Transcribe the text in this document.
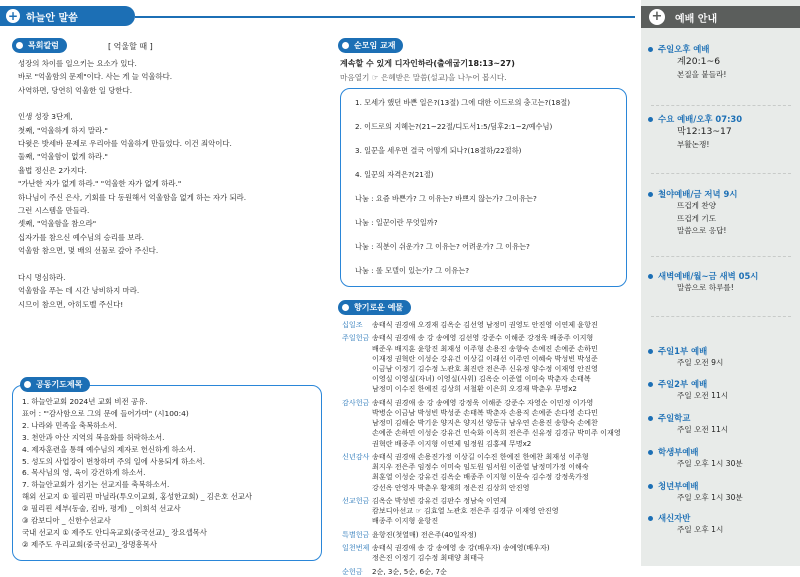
+ 하늘안 말씀
목회칼럼	[ 억울할 때 ]

성장의 차이를 일으키는 요소가 있다.

바로 "억울함의 문제"이다. 사는 게 늘 억울하다.

사역하면, 당연히 억울한 일 당한다.

인생 성장 3단계,

첫째, "억울하게 하지 말라."

다윗은 밧세바 문제로 우리아를 억울하게 만들었다. 이건 죄악이다.

둘째, "억울함이 없게 하라."

율법 정신은 2가지다.

"가난한 자가 없게 하라." "억울한 자가 없게 하라."

하나님이 주신 은사, 기회를 다 동원해서 억울함을 없게 하는 자가 되라.

그런 시스템을 만들라.

셋째, "억울함을 참으라"

십자가를 참으신 예수님의 승리를 보라.

억울함 참으면, 몇 배의 선물로 갚아 주신다.

다시 명심하라.

억울함을 푸는 데 시간 낭비하지 마라.

시므이 참으면, 아히도벨 주신다!

공동기도제목

1. 하늘안교회 2024년 교회 비전 공유.

표어 : "'감사함으로 그의 문에 들어가며" (시100:4)

2. 나라와 민족을 축복하소서.

3. 천안과 아산 지역의 복음화를 허락하소서.

4. 제자훈련을 통해 예수님의 제자로 헌신하게 하소서.

5. 성도의 사업장이 번창하며 주의 일에 사용되게 하소서.

6. 목사님의 영, 육이 강건하게 하소서.

7. 하늘안교회가 섬기는 선교지를 축복하소서.

해외 선교지 ① 필리핀 마닐라(투오이교회, 홍성한교회) _ 김은호 선교사

② 필리핀 세부(동술, 킴바, 평게) _ 이희석 선교사

③ 캄보디아 _ 신한수선교사

국내 선교지 ① 제주도 안디옥교회(중국선교)_ 장요셉목사

② 제주도 우리교회(중국선교)_장명흥목사

순모임 교재
계속할 수 있게 디자인하라(출애굽기18:13~27)
마음열기 ☞ 은혜받은 말씀(설교)을 나누어 봅시다.

1. 모세가 했던 바쁜 일은?(13절) 그에 대한 이드로의 충고는?(18절)

2. 이드로의 지혜는?(21~22절/디도서1:5/딤후2:1~2/예수님)

3. 일꾼을 세우면 결국 어떻게 되나?(18절하/22절하)

4. 일꾼의 자격은?(21절)

나눔 : 요즘 바쁜가? 그 이유는? 바쁘지 않는가? 그이유는?

나눔 : 일꾼이란 무엇일까?

나눔 : 직분이 쉬운가? 그 이유는? 어려운가? 그 이유는?

나눔 : 롤 모델이 있는가? 그 이유는?

향기로운 예물
십일조 송태식 권경애 오경재 김옥순 김선영 남정미 권영도 안진영 이연제 윤항진
주일헌금 송태식 권경애 송 강 송예영 김선영 강준수 이해준 강정욱 배종주 이지형
배준우 배지훈 윤항진 최재성 이주형 손용진 송향숙 손예진 손예준 손하민
이재정 권혁란 이성순 강유건 이상길 이래선 이주연 이혜숙 박성빈 박성준
이금남 이정기 김수정 노관호 최진란 전은주 신유정 양수정 이재영 안진영
이영실 이영실(자녀) 이영실(사위) 김옥순 이준열 이미숙 박춘자 손태복
남정미 이수진 한예진 김상희 서철환 이은희 오경재 박춘우 무명x2
감사헌금 송태식 권경애 송 강 송예영 강정욱 이해준 강준수 자영순 이민정 이가영
박병순 이금남 박성빈 박성준 손태복 박춘자 손용직 손예준 손다영 손다민
남정미 김해순 박기운 양지은 양지선 양동규 남우연 손용진 송향숙 손예찬
손예준 손하민 이성순 강유건 인숙화 이옥희 전은주 신유정 김경규 박미주 이재영
권혁란 배종주 이지형 이연제 임정원 김홍제 무명x2
신년감사 송태식 권경애 손용진가정 이상길 이수진 한예진 한예찬 최재성 이주형
최지우 전은주 임정수 이미숙 임도원 임서원 이준열 남정미가정 이해숙
최훈열 이성순 강유건 김옥순 배종주 이지형 이문숙 김수정 강정욱가정
강선옥 안영자 박춘우 황재희 정은진 김상희 안진영
선교헌금 김옥순 박성빈 강유건 김판수 정남숙 이연제
캄보디아선교 ☞ 김효열 노관호 전은주 김경규 이재영 안진영
배종주 이지형 윤항진
특별헌금 윤항진(첫열매) 전은주(40일작정)
일천번제 송태식 권경애 송 강 송예영 송 강(배우자) 송예영(배우자)
정은진 이정기 김수정 최태양 최태극
순헌금 2순, 3순, 5순, 6순, 7순
+ 예배 안내
주일오후 예배
계20:1~6
본질을 붙들라!
수요 예배/오후 07:30
막12:13~17
부활논쟁!
철야예배/금 저녁 9시
뜨겁게 찬양
뜨겁게 기도
말씀으로 응답!
새벽예배/월~금 새벽 05시
말씀으로 하루를!
주일1부 예배
주일 오전 9시
주일2부 예배
주일 오전 11시
주일학교
주일 오전 11시
학생부예배
주일 오후 1시 30분
청년부예배
주일 오후 1시 30분
새신자반
주일 오후 1시
